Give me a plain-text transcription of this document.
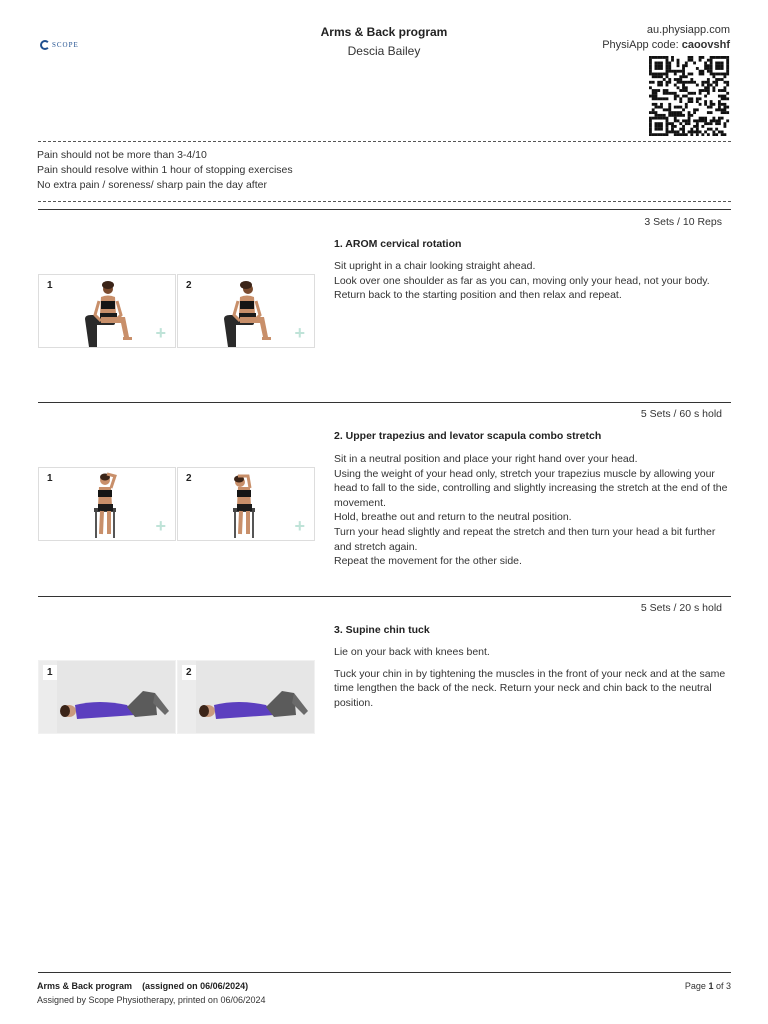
SCOPE
Arms & Back program
Descia Bailey
au.physiapp.com
PhysiApp code: caoovshf
Pain should not be more than 3-4/10
Pain should resolve within 1 hour of stopping exercises
No extra pain / soreness/ sharp pain the day after
3 Sets / 10 Reps
1. AROM cervical rotation

Sit upright in a chair looking straight ahead.

Look over one shoulder as far as you can, moving only your head, not your body.

Return back to the starting position and then relax and repeat.

1
+
2
+
5 Sets / 60 s hold
2. Upper trapezius and levator scapula combo stretch

Sit in a neutral position and place your right hand over your head.

Using the weight of your head only, stretch your trapezius muscle by allowing your head to fall to the side, controlling and slightly increasing the stretch at the end of the movement.

Hold, breathe out and return to the neutral position.

Turn your head slightly and repeat the stretch and then turn your head a bit further and stretch again.

Repeat the movement for the other side.

1
+
2
+
5 Sets / 20 s hold
3. Supine chin tuck

Lie on your back with knees bent.

Tuck your chin in by tightening the muscles in the front of your neck and at the same time lengthen the back of the neck. Return your neck and chin back to the neutral position.

1	2
Arms & Back program (assigned on 06/06/2024)
Assigned by Scope Physiotherapy, printed on 06/06/2024
Page 1 of 3
